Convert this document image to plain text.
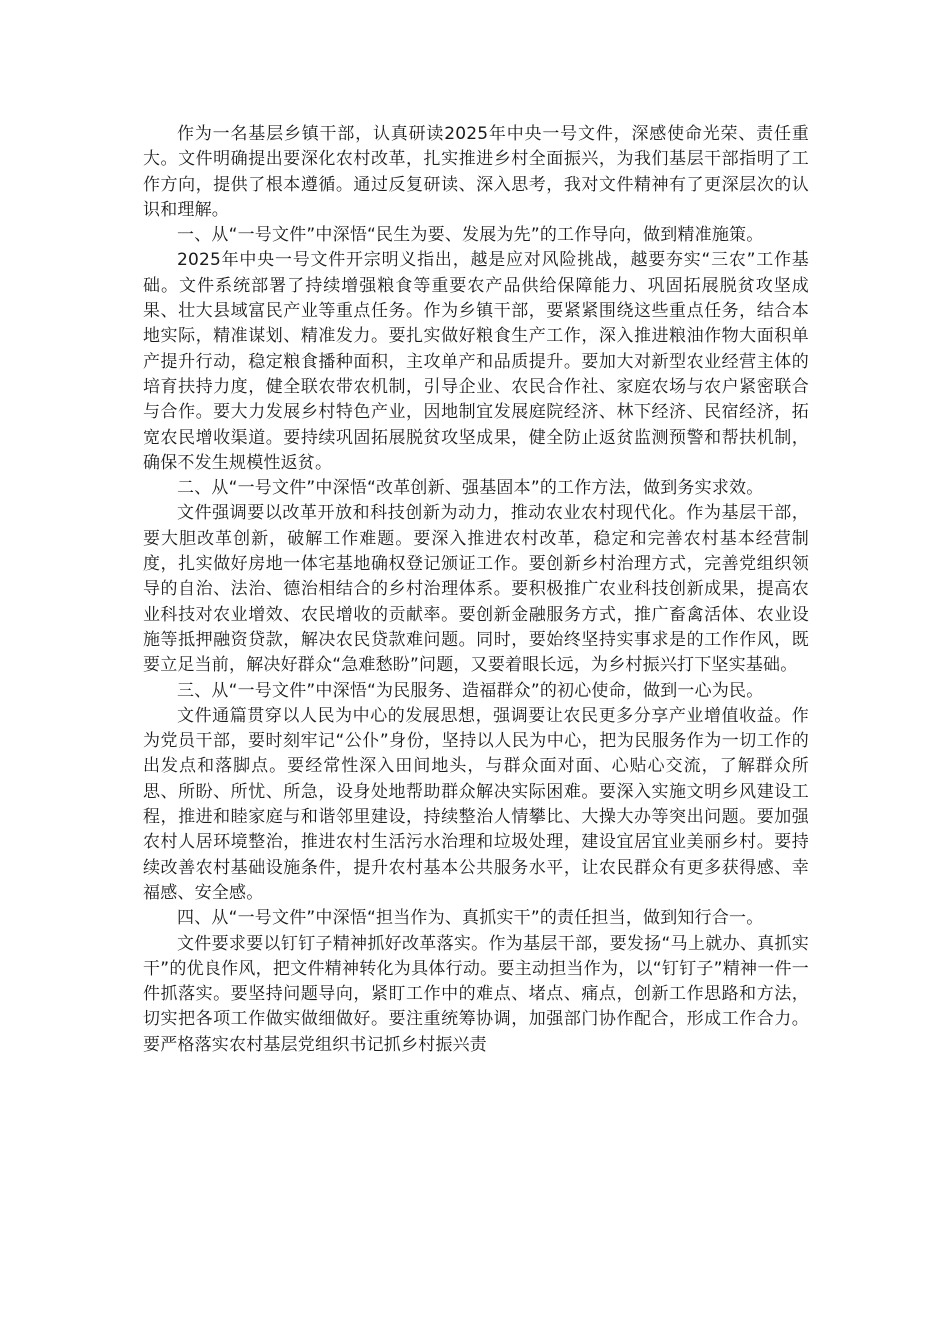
作为一名基层乡镇干部，认真研读2025年中央一号文件，深感使命光荣、责任重大。文件明确提出要深化农村改革，扎实推进乡村全面振兴，为我们基层干部指明了工作方向，提供了根本遵循。通过反复研读、深入思考，我对文件精神有了更深层次的认识和理解。

一、从“一号文件”中深悟“民生为要、发展为先”的工作导向，做到精准施策。

2025年中央一号文件开宗明义指出，越是应对风险挑战，越要夯实“三农”工作基础。文件系统部署了持续增强粮食等重要农产品供给保障能力、巩固拓展脱贫攻坚成果、壮大县域富民产业等重点任务。作为乡镇干部，要紧紧围绕这些重点任务，结合本地实际，精准谋划、精准发力。要扎实做好粮食生产工作，深入推进粮油作物大面积单产提升行动，稳定粮食播种面积，主攻单产和品质提升。要加大对新型农业经营主体的培育扶持力度，健全联农带农机制，引导企业、农民合作社、家庭农场与农户紧密联合与合作。要大力发展乡村特色产业，因地制宜发展庭院经济、林下经济、民宿经济，拓宽农民增收渠道。要持续巩固拓展脱贫攻坚成果，健全防止返贫监测预警和帮扶机制，确保不发生规模性返贫。

二、从“一号文件”中深悟“改革创新、强基固本”的工作方法，做到务实求效。

文件强调要以改革开放和科技创新为动力，推动农业农村现代化。作为基层干部，要大胆改革创新，破解工作难题。要深入推进农村改革，稳定和完善农村基本经营制度，扎实做好房地一体宅基地确权登记颁证工作。要创新乡村治理方式，完善党组织领导的自治、法治、德治相结合的乡村治理体系。要积极推广农业科技创新成果，提高农业科技对农业增效、农民增收的贡献率。要创新金融服务方式，推广畜禽活体、农业设施等抵押融资贷款，解决农民贷款难问题。同时，要始终坚持实事求是的工作作风，既要立足当前，解决好群众“急难愁盼”问题，又要着眼长远，为乡村振兴打下坚实基础。

三、从“一号文件”中深悟“为民服务、造福群众”的初心使命，做到一心为民。

文件通篇贯穿以人民为中心的发展思想，强调要让农民更多分享产业增值收益。作为党员干部，要时刻牢记“公仆”身份，坚持以人民为中心，把为民服务作为一切工作的出发点和落脚点。要经常性深入田间地头，与群众面对面、心贴心交流，了解群众所思、所盼、所忧、所急，设身处地帮助群众解决实际困难。要深入实施文明乡风建设工程，推进和睦家庭与和谐邻里建设，持续整治人情攀比、大操大办等突出问题。要加强农村人居环境整治，推进农村生活污水治理和垃圾处理，建设宜居宜业美丽乡村。要持续改善农村基础设施条件，提升农村基本公共服务水平，让农民群众有更多获得感、幸福感、安全感。

四、从“一号文件”中深悟“担当作为、真抓实干”的责任担当，做到知行合一。

文件要求要以钉钉子精神抓好改革落实。作为基层干部，要发扬“马上就办、真抓实干”的优良作风，把文件精神转化为具体行动。要主动担当作为，以“钉钉子”精神一件一件抓落实。要坚持问题导向，紧盯工作中的难点、堵点、痛点，创新工作思路和方法，切实把各项工作做实做细做好。要注重统筹协调，加强部门协作配合，形成工作合力。要严格落实农村基层党组织书记抓乡村振兴责
